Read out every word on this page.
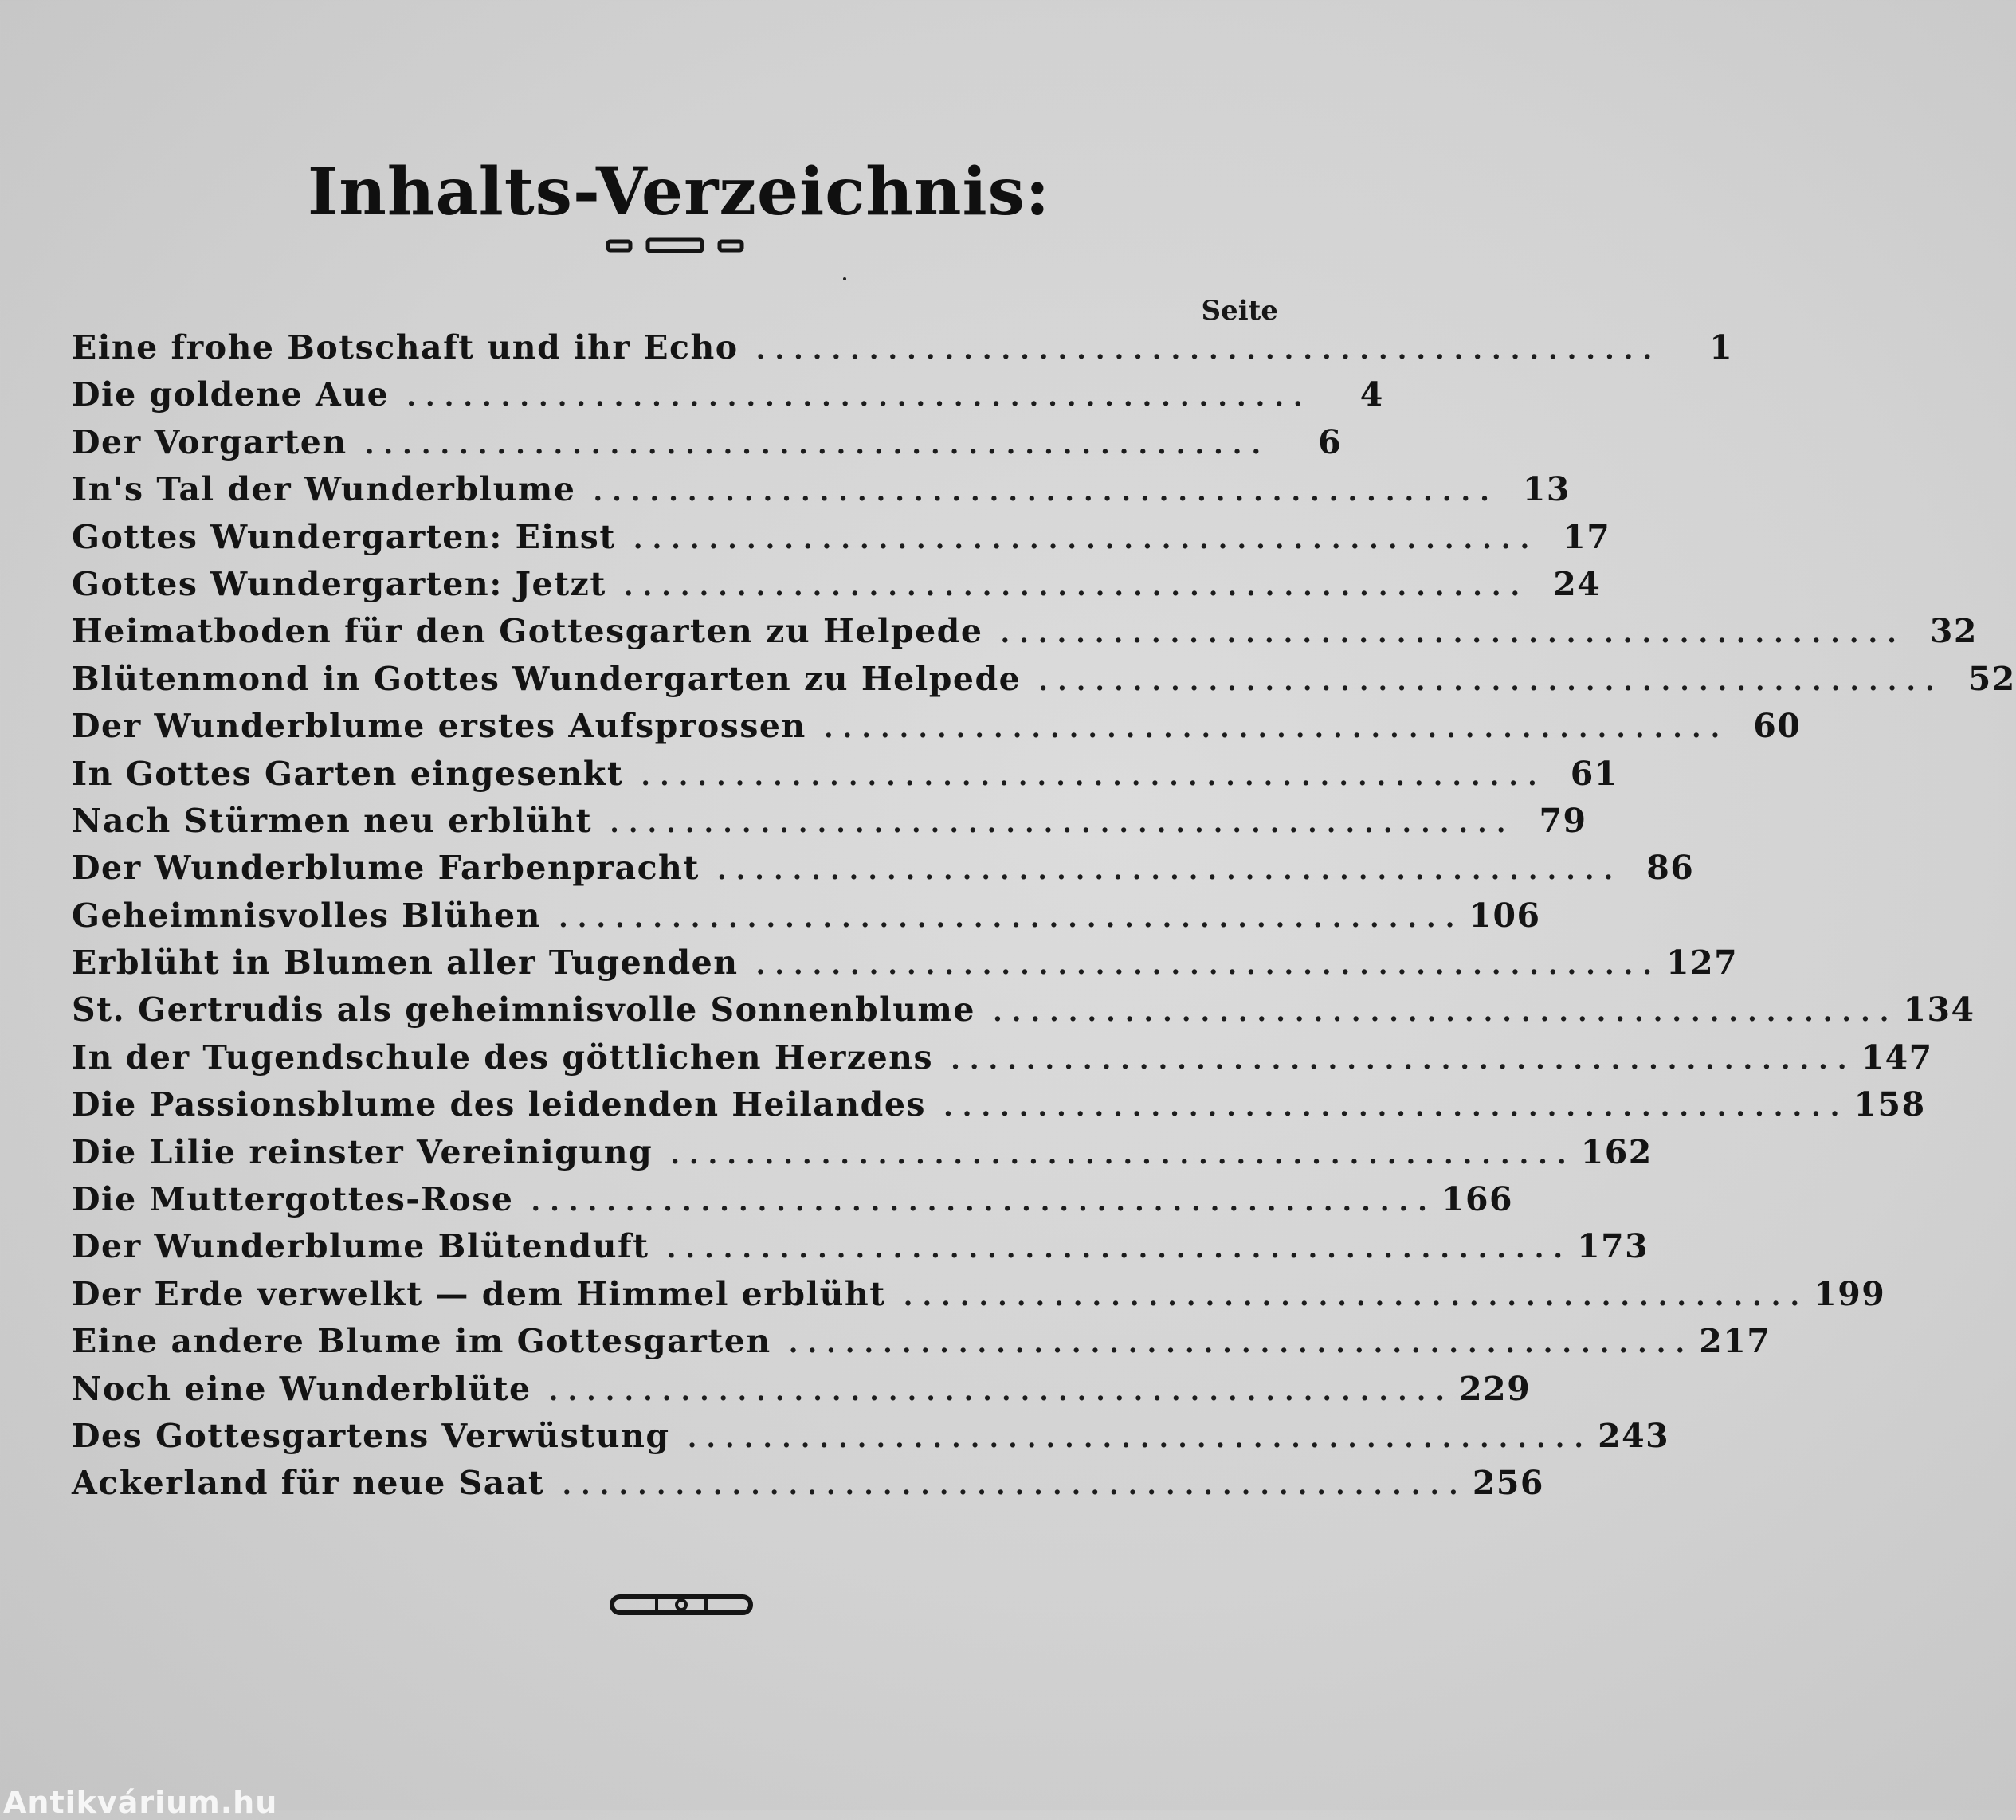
Inhalts-Verzeichnis:
Seite
Eine frohe Botschaft und ihr Echo . . . . . . . . . . . . . . . . . . . . . . . . . . . . . . . . . . . . . . . . . . . . . . . .	1
Die goldene Aue . . . . . . . . . . . . . . . . . . . . . . . . . . . . . . . . . . . . . . . . . . . . . . . .	4
Der Vorgarten . . . . . . . . . . . . . . . . . . . . . . . . . . . . . . . . . . . . . . . . . . . . . . . .	6
In's Tal der Wunderblume . . . . . . . . . . . . . . . . . . . . . . . . . . . . . . . . . . . . . . . . . . . . . . . .	13
Gottes Wundergarten: Einst . . . . . . . . . . . . . . . . . . . . . . . . . . . . . . . . . . . . . . . . . . . . . . . .	17
Gottes Wundergarten: Jetzt . . . . . . . . . . . . . . . . . . . . . . . . . . . . . . . . . . . . . . . . . . . . . . . .	24
Heimatboden für den Gottesgarten zu Helpede . . . . . . . . . . . . . . . . . . . . . . . . . . . . . . . . . . . . . . . . . . . . . . . .	32
Blütenmond in Gottes Wundergarten zu Helpede . . . . . . . . . . . . . . . . . . . . . . . . . . . . . . . . . . . . . . . . . . . . . . . .	52
Der Wunderblume erstes Aufsprossen . . . . . . . . . . . . . . . . . . . . . . . . . . . . . . . . . . . . . . . . . . . . . . . .	60
In Gottes Garten eingesenkt . . . . . . . . . . . . . . . . . . . . . . . . . . . . . . . . . . . . . . . . . . . . . . . .	61
Nach Stürmen neu erblüht . . . . . . . . . . . . . . . . . . . . . . . . . . . . . . . . . . . . . . . . . . . . . . . .	79
Der Wunderblume Farbenpracht . . . . . . . . . . . . . . . . . . . . . . . . . . . . . . . . . . . . . . . . . . . . . . . .	86
Geheimnisvolles Blühen . . . . . . . . . . . . . . . . . . . . . . . . . . . . . . . . . . . . . . . . . . . . . . . . 106
Erblüht in Blumen aller Tugenden . . . . . . . . . . . . . . . . . . . . . . . . . . . . . . . . . . . . . . . . . . . . . . . . 127
St. Gertrudis als geheimnisvolle Sonnenblume . . . . . . . . . . . . . . . . . . . . . . . . . . . . . . . . . . . . . . . . . . . . . . . . 134
In der Tugendschule des göttlichen Herzens . . . . . . . . . . . . . . . . . . . . . . . . . . . . . . . . . . . . . . . . . . . . . . . . 147
Die Passionsblume des leidenden Heilandes . . . . . . . . . . . . . . . . . . . . . . . . . . . . . . . . . . . . . . . . . . . . . . . . 158
Die Lilie reinster Vereinigung . . . . . . . . . . . . . . . . . . . . . . . . . . . . . . . . . . . . . . . . . . . . . . . . 162
Die Muttergottes-Rose . . . . . . . . . . . . . . . . . . . . . . . . . . . . . . . . . . . . . . . . . . . . . . . . 166
Der Wunderblume Blütenduft . . . . . . . . . . . . . . . . . . . . . . . . . . . . . . . . . . . . . . . . . . . . . . . . 173
Der Erde verwelkt — dem Himmel erblüht . . . . . . . . . . . . . . . . . . . . . . . . . . . . . . . . . . . . . . . . . . . . . . . . 199
Eine andere Blume im Gottesgarten . . . . . . . . . . . . . . . . . . . . . . . . . . . . . . . . . . . . . . . . . . . . . . . . 217
Noch eine Wunderblüte . . . . . . . . . . . . . . . . . . . . . . . . . . . . . . . . . . . . . . . . . . . . . . . . 229
Des Gottesgartens Verwüstung . . . . . . . . . . . . . . . . . . . . . . . . . . . . . . . . . . . . . . . . . . . . . . . . 243
Ackerland für neue Saat . . . . . . . . . . . . . . . . . . . . . . . . . . . . . . . . . . . . . . . . . . . . . . . . 256
Antikvárium.hu
